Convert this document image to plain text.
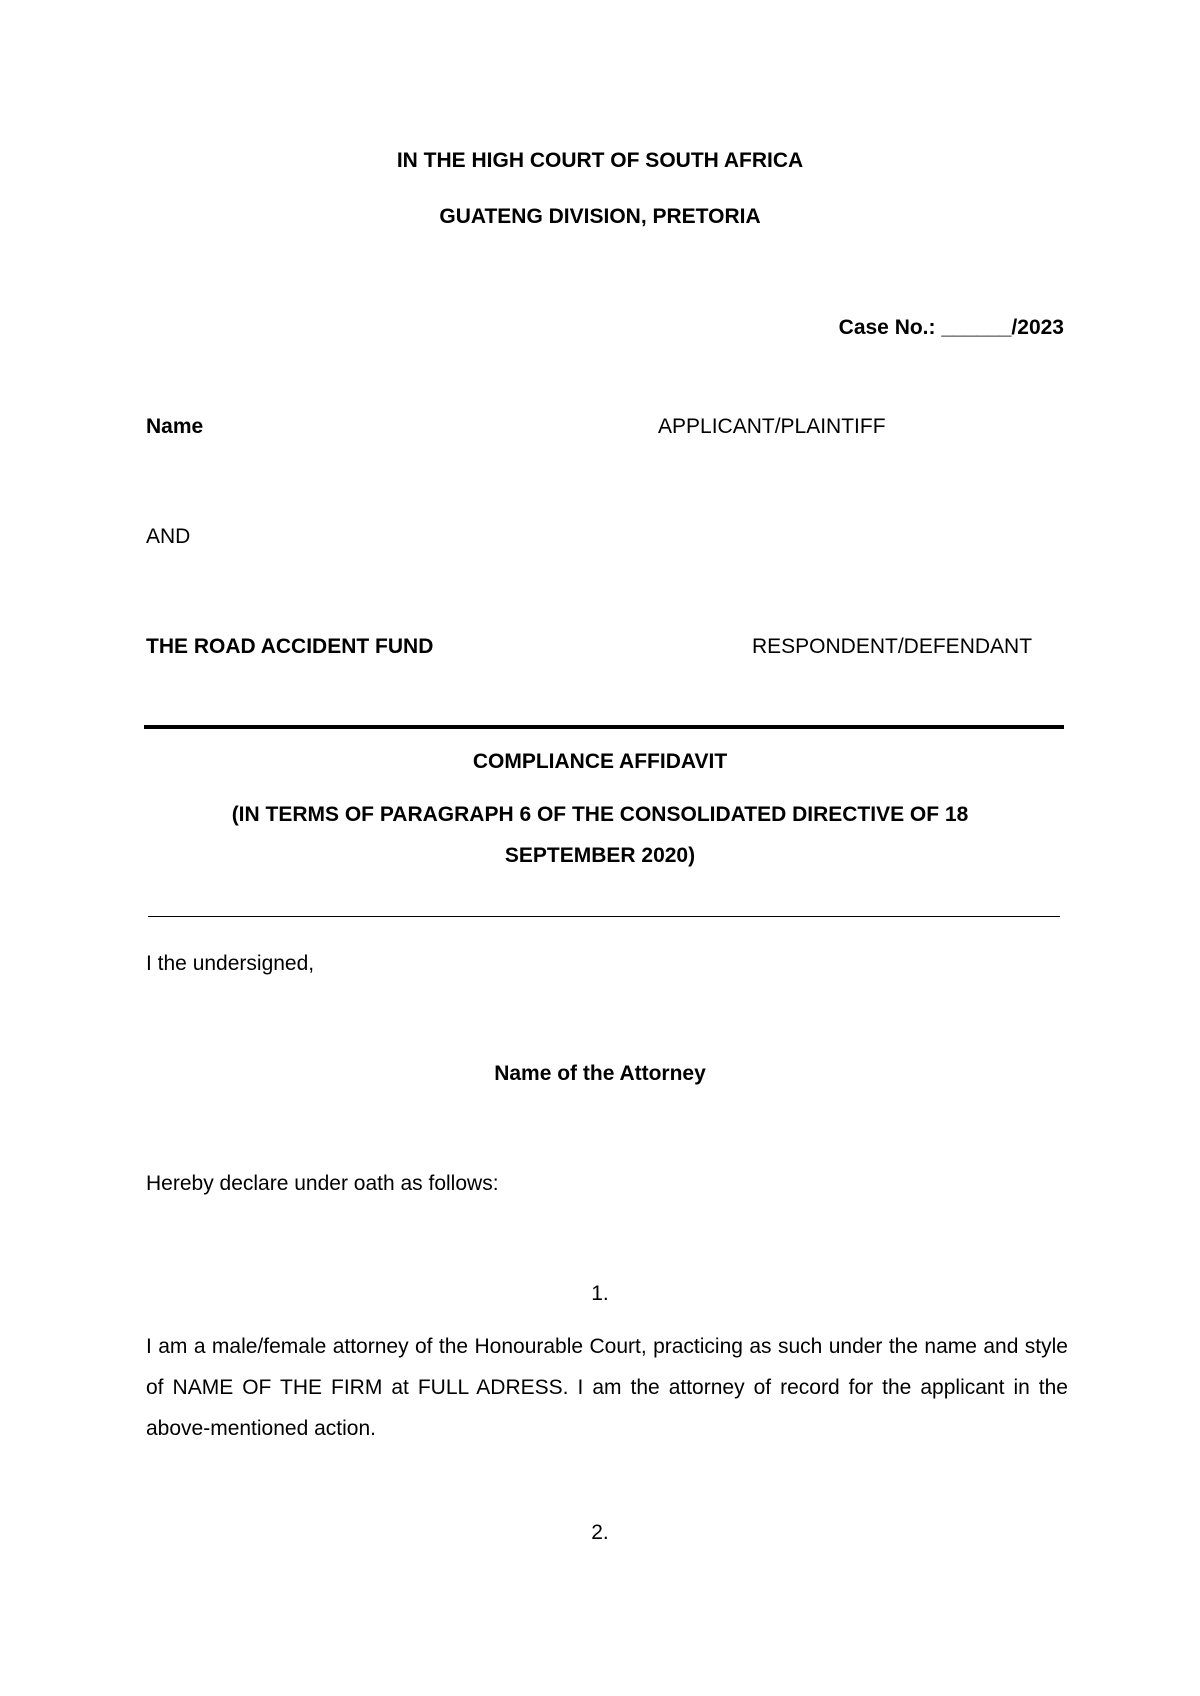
IN THE HIGH COURT OF SOUTH AFRICA
GUATENG DIVISION, PRETORIA
Case No.: ______/2023
Name	APPLICANT/PLAINTIFF
AND
THE ROAD ACCIDENT FUND	RESPONDENT/DEFENDANT
COMPLIANCE AFFIDAVIT
(IN TERMS OF PARAGRAPH 6 OF THE CONSOLIDATED DIRECTIVE OF 18
SEPTEMBER 2020)
I the undersigned,
Name of the Attorney
Hereby declare under oath as follows:
1.
I am a male/female attorney of the Honourable Court, practicing as such under the name and style of NAME OF THE FIRM at FULL ADRESS. I am the attorney of record for the applicant in the above-mentioned action.
2.
